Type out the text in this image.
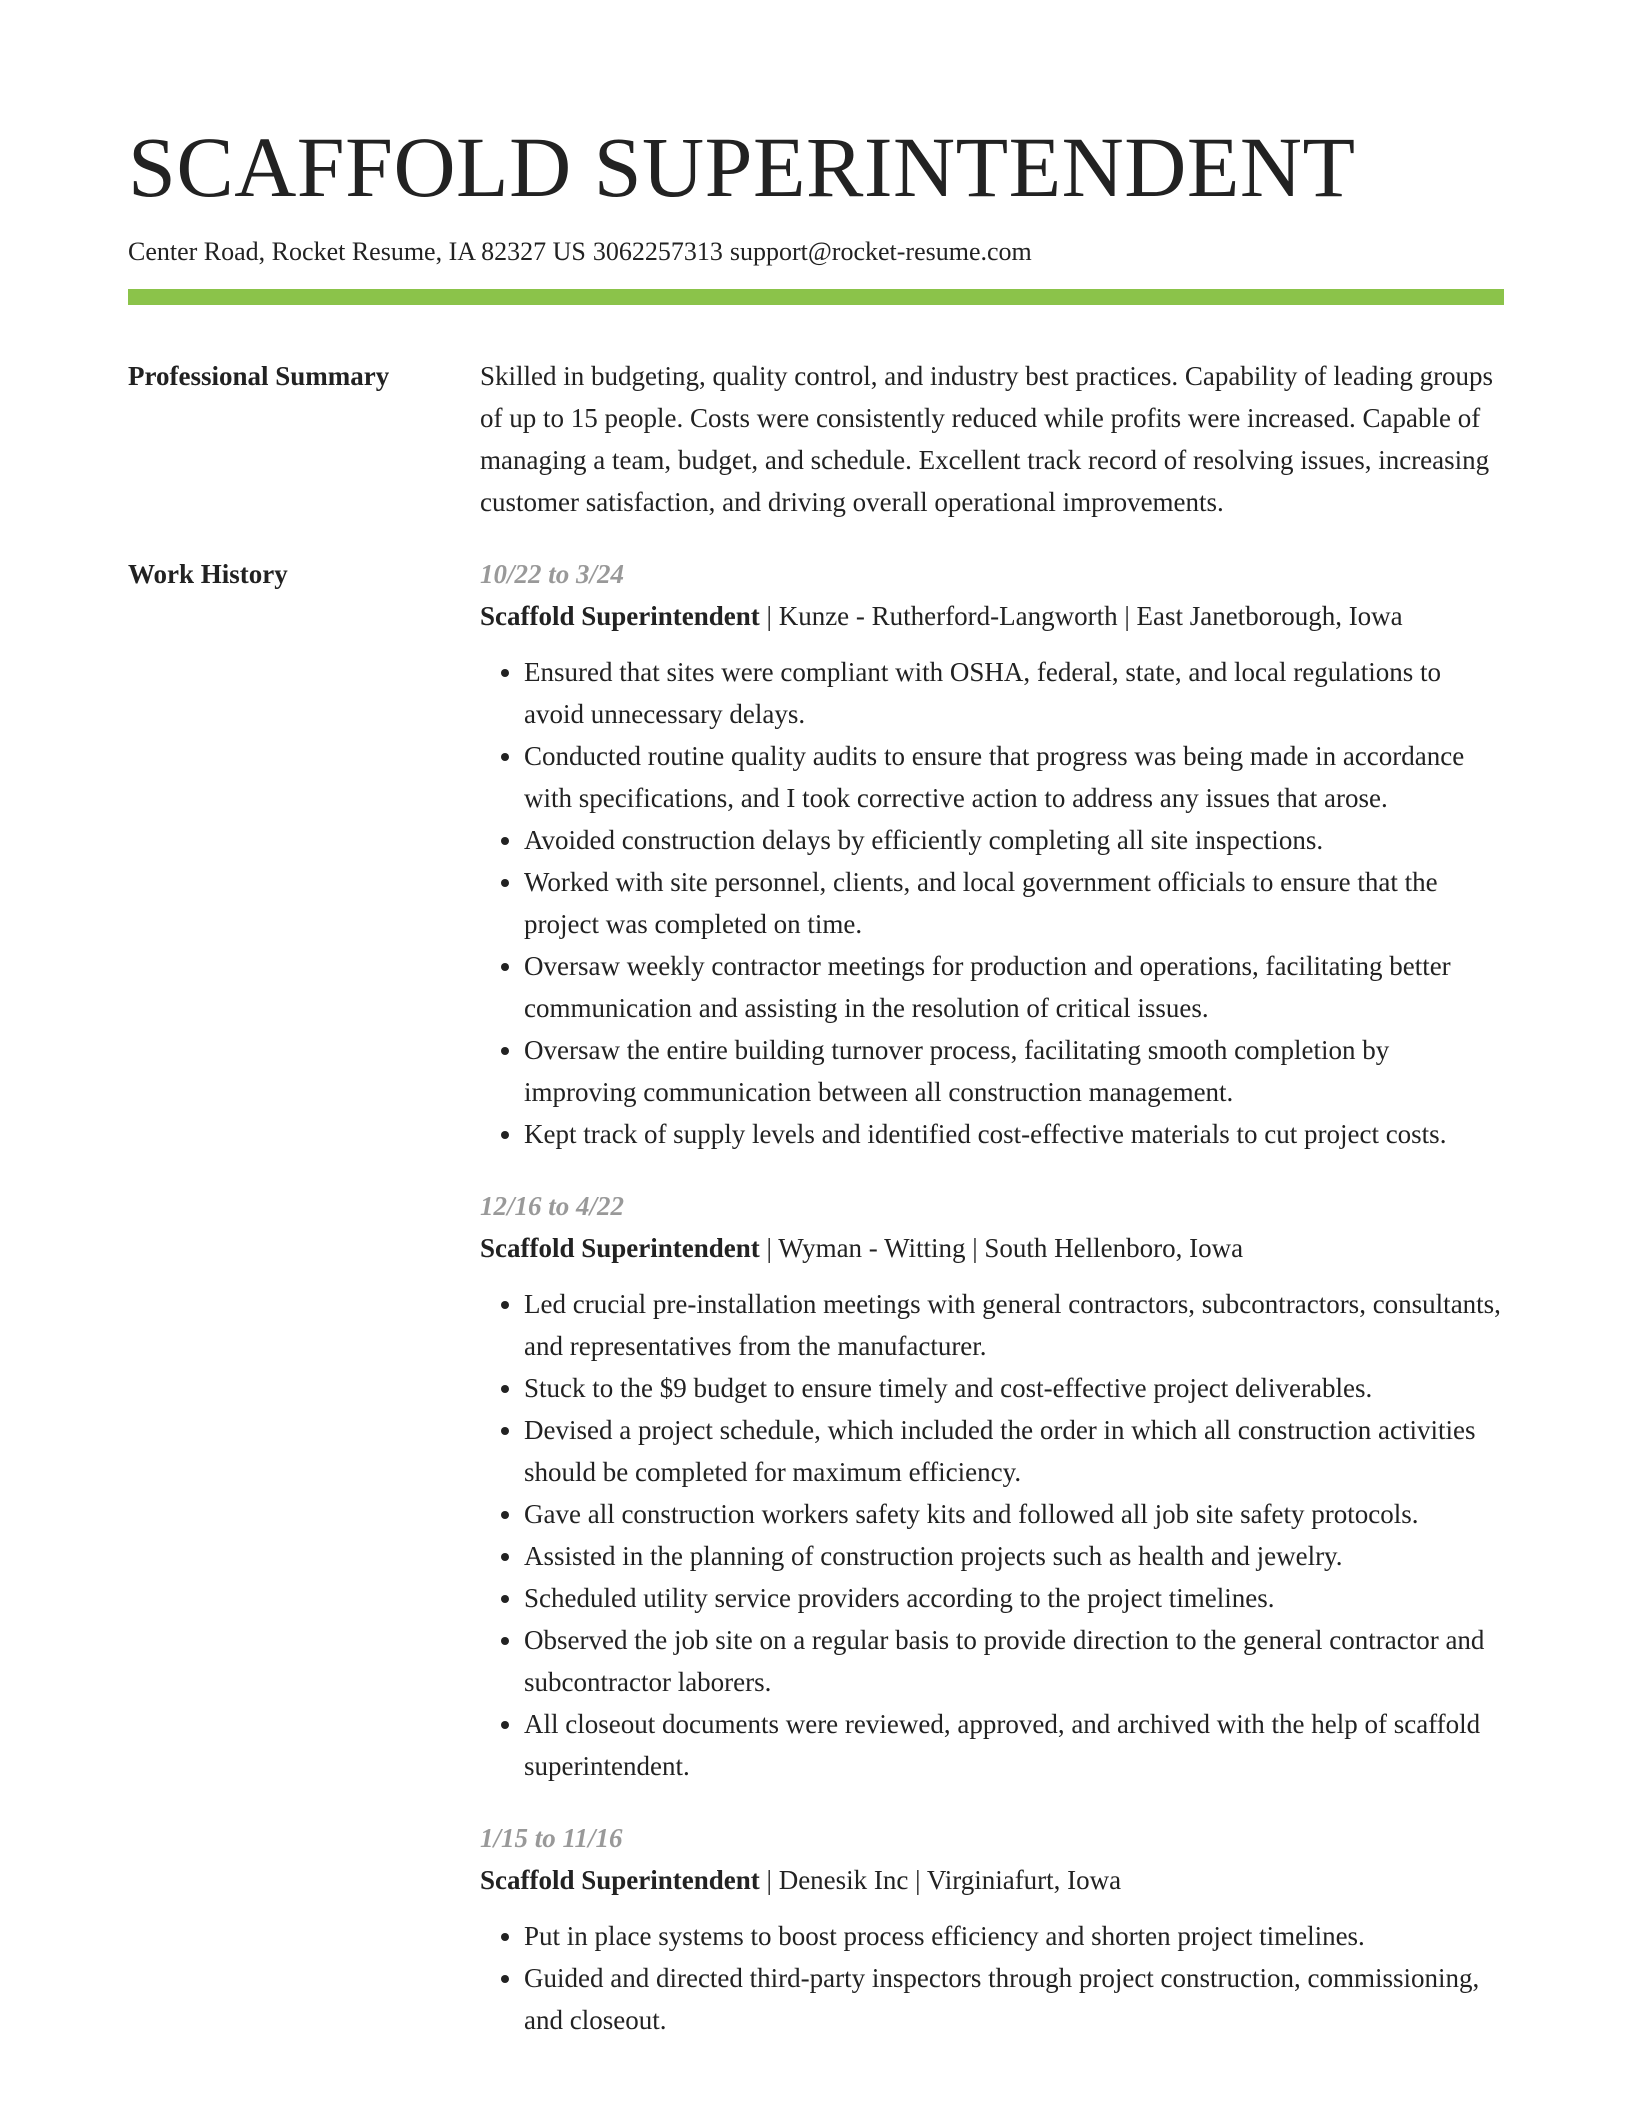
SCAFFOLD SUPERINTENDENT
Center Road, Rocket Resume, IA 82327 US 3062257313 support@rocket-resume.com
Professional Summary	Skilled in budgeting, quality control, and industry best practices. Capability of leading groups of up to 15 people. Costs were consistently reduced while profits were increased. Capable of managing a team, budget, and schedule. Excellent track record of resolving issues, increasing customer satisfaction, and driving overall operational improvements.
Work History	10/22 to 3/24
Scaffold Superintendent | Kunze - Rutherford-Langworth | East Janetborough, Iowa
• Ensured that sites were compliant with OSHA, federal, state, and local regulations to avoid unnecessary delays.
• Conducted routine quality audits to ensure that progress was being made in accordance with specifications, and I took corrective action to address any issues that arose.
• Avoided construction delays by efficiently completing all site inspections.
• Worked with site personnel, clients, and local government officials to ensure that the project was completed on time.
• Oversaw weekly contractor meetings for production and operations, facilitating better communication and assisting in the resolution of critical issues.
• Oversaw the entire building turnover process, facilitating smooth completion by improving communication between all construction management.
• Kept track of supply levels and identified cost-effective materials to cut project costs.
12/16 to 4/22
Scaffold Superintendent | Wyman - Witting | South Hellenboro, Iowa
• Led crucial pre-installation meetings with general contractors, subcontractors, consultants, and representatives from the manufacturer.
• Stuck to the $9 budget to ensure timely and cost-effective project deliverables.
• Devised a project schedule, which included the order in which all construction activities should be completed for maximum efficiency.
• Gave all construction workers safety kits and followed all job site safety protocols.
• Assisted in the planning of construction projects such as health and jewelry.
• Scheduled utility service providers according to the project timelines.
• Observed the job site on a regular basis to provide direction to the general contractor and subcontractor laborers.
• All closeout documents were reviewed, approved, and archived with the help of scaffold superintendent.
1/15 to 11/16
Scaffold Superintendent | Denesik Inc | Virginiafurt, Iowa
• Put in place systems to boost process efficiency and shorten project timelines.
• Guided and directed third-party inspectors through project construction, commissioning, and closeout.
